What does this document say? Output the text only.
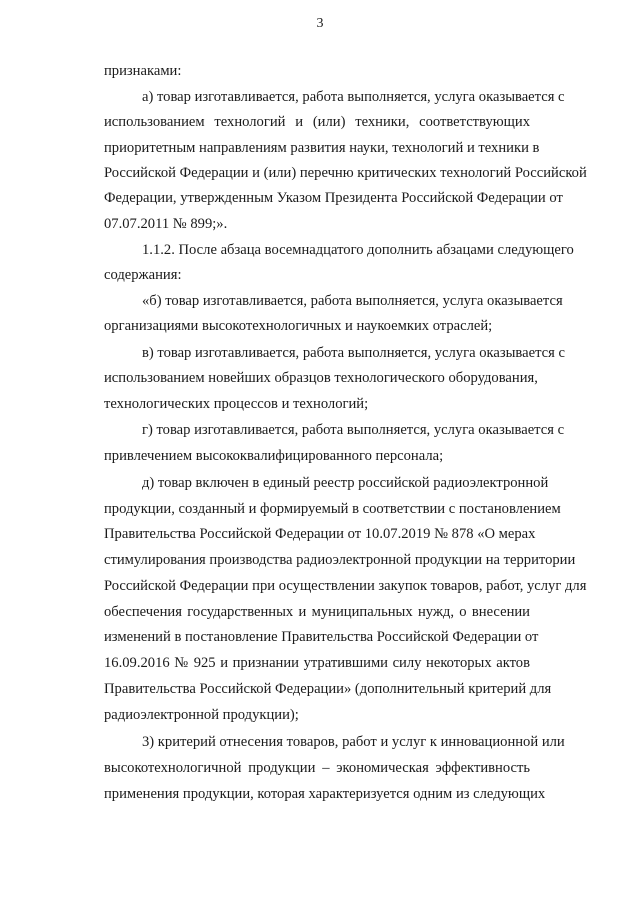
3
признаками:
а) товар изготавливается, работа выполняется, услуга оказывается с
использованием технологий и (или) техники, соответствующих
приоритетным направлениям развития науки, технологий и техники в
Российской Федерации и (или) перечню критических технологий Российской
Федерации, утвержденным Указом Президента Российской Федерации от
07.07.2011 № 899;».
1.1.2. После абзаца восемнадцатого дополнить абзацами следующего
содержания:
«б) товар изготавливается, работа выполняется, услуга оказывается
организациями высокотехнологичных и наукоемких отраслей;
в) товар изготавливается, работа выполняется, услуга оказывается с
использованием новейших образцов технологического оборудования,
технологических процессов и технологий;
г) товар изготавливается, работа выполняется, услуга оказывается с
привлечением высококвалифицированного персонала;
д) товар включен в единый реестр российской радиоэлектронной
продукции, созданный и формируемый в соответствии с постановлением
Правительства Российской Федерации от 10.07.2019 № 878 «О мерах
стимулирования производства радиоэлектронной продукции на территории
Российской Федерации при осуществлении закупок товаров, работ, услуг для
обеспечения государственных и муниципальных нужд, о внесении
изменений в постановление Правительства Российской Федерации от
16.09.2016 № 925 и признании утратившими силу некоторых актов
Правительства Российской Федерации» (дополнительный критерий для
радиоэлектронной продукции);
3) критерий отнесения товаров, работ и услуг к инновационной или
высокотехнологичной продукции – экономическая эффективность
применения продукции, которая характеризуется одним из следующих
